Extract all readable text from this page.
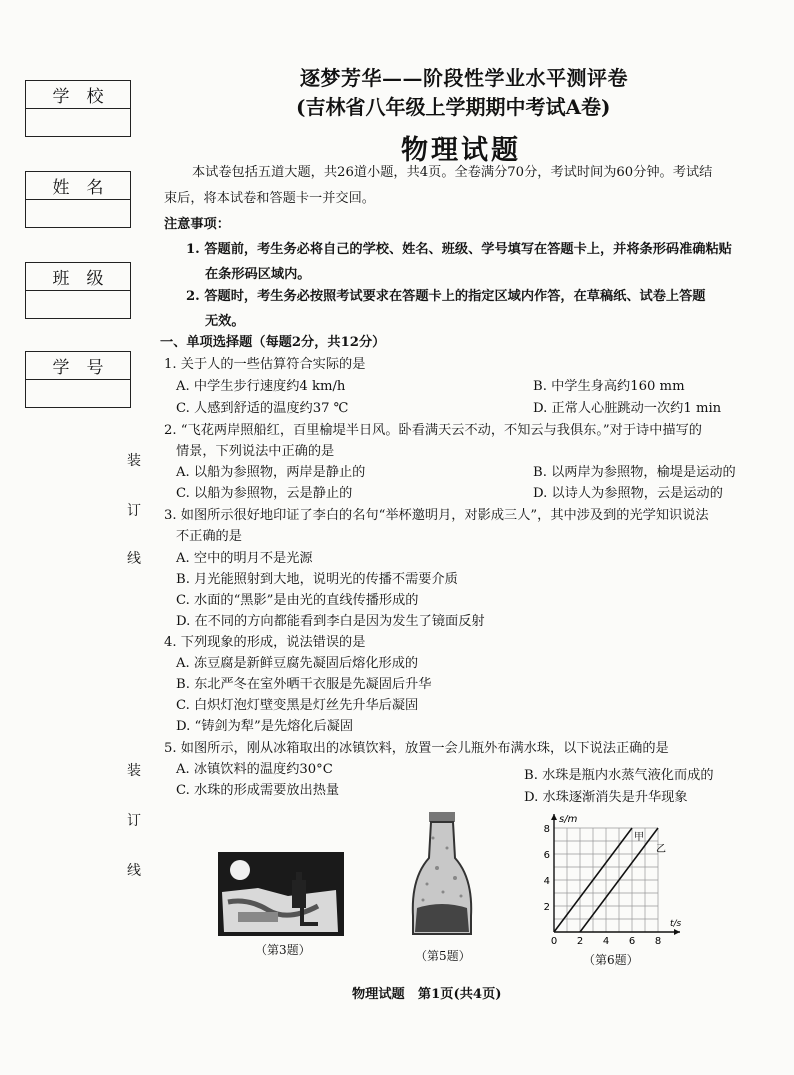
学 校
姓 名
班 级
学 号
装
订
线
装
订
线
逐梦芳华——阶段性学业水平测评卷
(吉林省八年级上学期期中考试A卷)
物理试题
本试卷包括五道大题，共26道小题，共4页。全卷满分70分，考试时间为60分钟。考试结
束后，将本试卷和答题卡一并交回。
注意事项：
1. 答题前，考生务必将自己的学校、姓名、班级、学号填写在答题卡上，并将条形码准确粘贴
在条形码区域内。
2. 答题时，考生务必按照考试要求在答题卡上的指定区域内作答，在草稿纸、试卷上答题
无效。
一、单项选择题（每题2分，共12分）
1. 关于人的一些估算符合实际的是
A. 中学生步行速度约4 km/h	B. 中学生身高约160 mm
C. 人感到舒适的温度约37 ℃	D. 正常人心脏跳动一次约1 min
2. “飞花两岸照船红，百里榆堤半日风。卧看满天云不动，不知云与我俱东。”对于诗中描写的
情景，下列说法中正确的是
A. 以船为参照物，两岸是静止的	B. 以两岸为参照物，榆堤是运动的
C. 以船为参照物，云是静止的	D. 以诗人为参照物，云是运动的
3. 如图所示很好地印证了李白的名句“举杯邀明月，对影成三人”，其中涉及到的光学知识说法
不正确的是
A. 空中的明月不是光源
B. 月光能照射到大地，说明光的传播不需要介质
C. 水面的“黑影”是由光的直线传播形成的
D. 在不同的方向都能看到李白是因为发生了镜面反射
4. 下列现象的形成，说法错误的是
A. 冻豆腐是新鲜豆腐先凝固后熔化形成的
B. 东北严冬在室外晒干衣服是先凝固后升华
C. 白炽灯泡灯壁变黑是灯丝先升华后凝固
D. “铸剑为犁”是先熔化后凝固
5. 如图所示，刚从冰箱取出的冰镇饮料，放置一会儿瓶外布满水珠，以下说法正确的是
A. 冰镇饮料的温度约30°C	B. 水珠是瓶内水蒸气液化而成的
C. 水珠的形成需要放出热量	D. 水珠逐渐消失是升华现象
（第3题）	（第5题）
s/m
t/s
0 2 4 6 8
2
4
6
8
甲
乙
（第6题）
物理试题　第1页(共4页)
